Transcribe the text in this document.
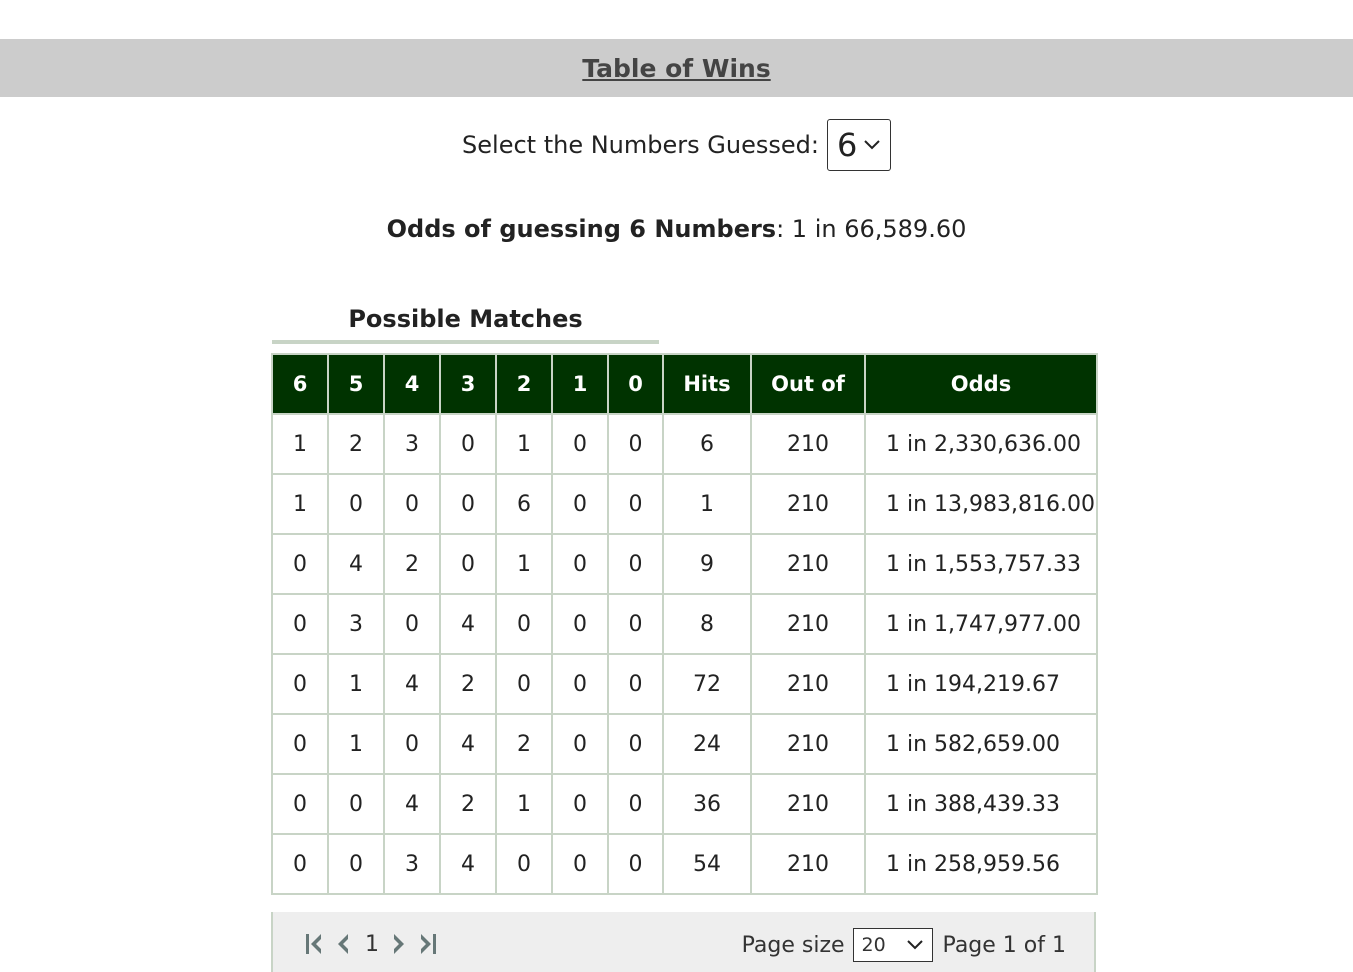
Table of Wins
Select the Numbers Guessed: 6
Odds of guessing 6 Numbers: 1 in 66,589.60
Possible Matches
6	5	4	3	2	1	0	Hits	Out of	Odds
1	2	3	0	1	0	0	6	210	1 in 2,330,636.00
1	0	0	0	6	0	0	1	210	1 in 13,983,816.00
0	4	2	0	1	0	0	9	210	1 in 1,553,757.33
0	3	0	4	0	0	0	8	210	1 in 1,747,977.00
0	1	4	2	0	0	0	72	210	1 in 194,219.67
0	1	0	4	2	0	0	24	210	1 in 582,659.00
0	0	4	2	1	0	0	36	210	1 in 388,439.33
0	0	3	4	0	0	0	54	210	1 in 258,959.56
1	Page size 20	Page 1 of 1
